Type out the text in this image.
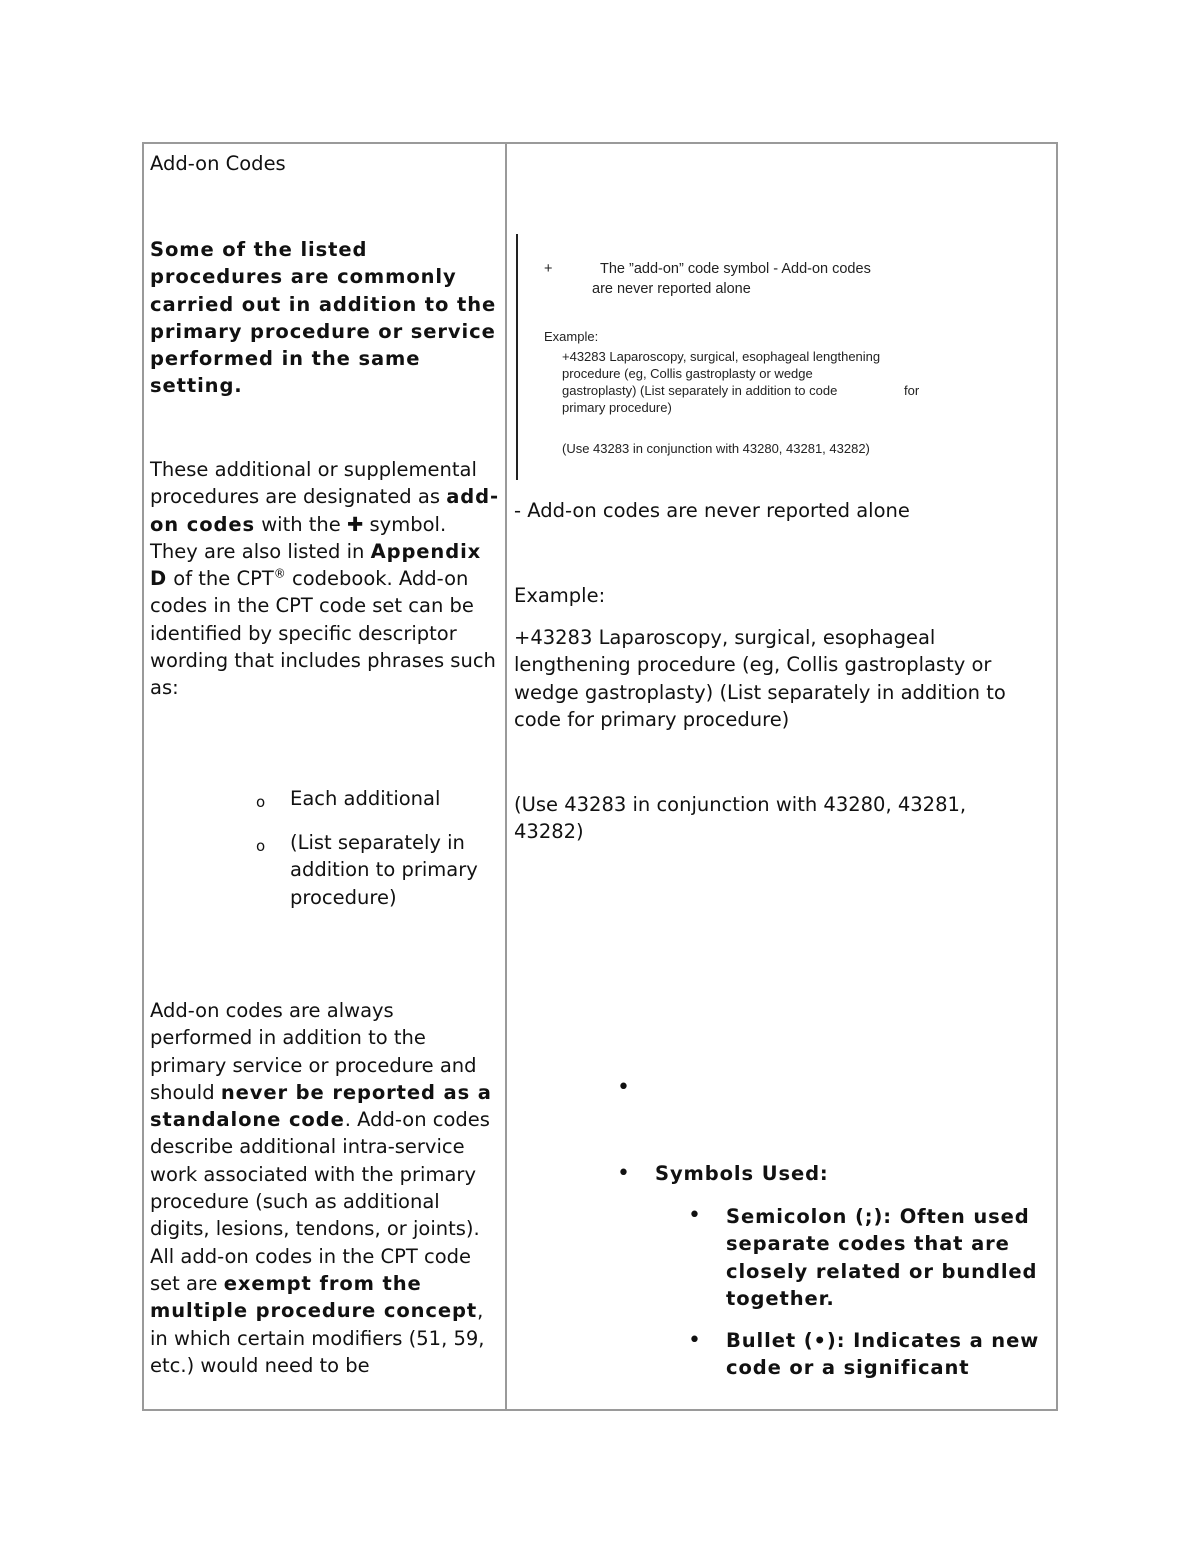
Add-on Codes

Some of the listed procedures are commonly carried out in addition to the primary procedure or service performed in the same setting.

These additional or supplemental procedures are designated as add-on codes with the ✚ symbol. They are also listed in Appendix D of the CPT® codebook. Add-on codes in the CPT code set can be identified by specific descriptor wording that includes phrases such as:

o Each additional

o (List separately in addition to primary procedure)

Add-on codes are always performed in addition to the primary service or procedure and should never be reported as a standalone code. Add-on codes describe additional intra-service work associated with the primary procedure (such as additional digits, lesions, tendons, or joints). All add-on codes in the CPT code set are exempt from the multiple procedure concept, in which certain modifiers (51, 59, etc.) would need to be

+	The ”add-on” code symbol - Add-on codes

are never reported alone

Example:

+43283 Laparoscopy, surgical, esophageal lengthening

procedure (eg, Collis gastroplasty or wedge

gastroplasty) (List separately in addition to code	for

primary procedure)

(Use 43283 in conjunction with 43280, 43281, 43282)

- Add-on codes are never reported alone

Example:

+43283 Laparoscopy, surgical, esophageal lengthening procedure (eg, Collis gastroplasty or wedge gastroplasty) (List separately in addition to code for primary procedure)

(Use 43283 in conjunction with 43280, 43281, 43282)

•
• Symbols Used:

• Semicolon (;): Often used separate codes that are closely related or bundled together.

• Bullet (•): Indicates a new code or a significant
